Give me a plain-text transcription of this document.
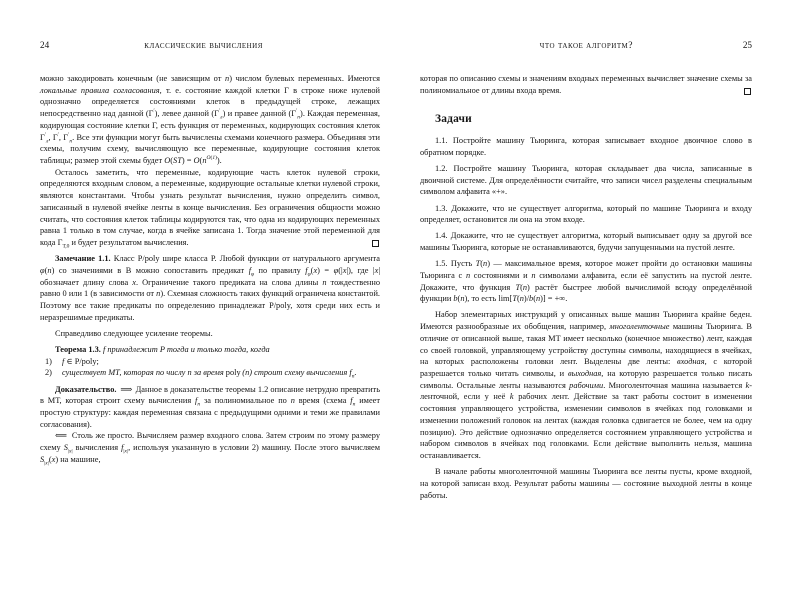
24	классические вычисления

можно закодировать конечным (не зависящим от n) числом булевых переменных. Имеются локальные правила согласования, т. е. состояние каждой клетки Г в строке ниже нулевой однозначно определяется состояниями клеток в предыдущей строке, лежащих непосредственно над данной (Г′), левее данной $(Г'_л)$ и правее данной $(Г'_п)$. Каждая переменная, кодирующая состояние клетки Г, есть функция от переменных, кодирующих состояния клеток $Г'_л$, Г′, $Г'_п$. Все эти функции могут быть вычислены схемами конечного размера. Объединяя эти схемы, получим схему, вычисляющую все переменные, кодирующие состояния клеток таблицы; размер этой схемы будет $O(ST) = O(n^{O(1)})$.

Осталось заметить, что переменные, кодирующие часть клеток нулевой строки, определяются входным словом, а переменные, кодирующие остальные клетки нулевой строки, являются константами. Чтобы узнать результат вычисления, нужно определить символ, записанный в нулевой ячейке ленты в конце вычисления. Без ограничения общности можно считать, что состояния клеток таблицы кодируются так, что одна из кодирующих переменных равна 1 только в том случае, когда в ячейке записана 1. Тогда значение этой переменной для кода $Г_{Т,0}$ и будет результатом вычисления.

Замечание 1.1. Класс P/poly шире класса P. Любой функции от натурального аргумента φ(n) со значениями в B можно сопоставить предикат $f_\varphi$ по правилу $f_\varphi(x) = \varphi(|x|)$, где |x| обозначает длину слова x. Ограничение такого предиката на слова длины n тождественно равно 0 или 1 (в зависимости от n). Схемная сложность таких функций ограничена константой. Поэтому все такие предикаты по определению принадлежат P/poly, хотя среди них есть и неразрешимые предикаты.

Справедливо следующее усиление теоремы.

Теорема 1.3. f принадлежит P тогда и только тогда, когда

1) f ∈ P/poly;
2) существует МТ, которая по числу n за время poly (n) строит схему вычисления $f_n$.

Доказательство.  ⟹  Данное в доказательстве теоремы 1.2 описание нетрудно превратить в МТ, которая строит схему вычисления $f_n$ за полиномиальное по n время (схема $f_n$ имеет простую структуру: каждая переменная связана с предыдущими одними и теми же правилами согласования).

⟸  Столь же просто. Вычисляем размер входного слова. Затем строим по этому размеру схему $S_{|x|}$ вычисления $f_{|x|}$, используя указанную в условии 2) машину. После этого вычисляем $S_{|x|}(x)$ на машине,

что такое алгоритм?	25

которая по описанию схемы и значениям входных переменных вычисляет значение схемы за полиномиальное от длины входа время.

Задачи

1.1. Постройте машину Тьюринга, которая записывает входное двоичное слово в обратном порядке.

1.2. Постройте машину Тьюринга, которая складывает два числа, записанные в двоичной системе. Для определённости считайте, что записи чисел разделены специальным символом алфавита «+».

1.3. Докажите, что не существует алгоритма, который по машине Тьюринга и входу определяет, остановится ли она на этом входе.

1.4. Докажите, что не существует алгоритма, который выписывает одну за другой все машины Тьюринга, которые не останавливаются, будучи запущенными на пустой ленте.

1.5. Пусть T(n) — максимальное время, которое может пройти до остановки машины Тьюринга с n состояниями и n символами алфавита, если её запустить на пустой ленте. Докажите, что функция T(n) растёт быстрее любой вычислимой всюду определённой функции b(n), то есть lim[T(n)/b(n)] = +∞.

Набор элементарных инструкций у описанных выше машин Тьюринга крайне беден. Имеются разнообразные их обобщения, например, многоленточные машины Тьюринга. В отличие от описанной выше, такая МТ имеет несколько (конечное множество) лент, каждая со своей головкой, управляющему устройству доступны символы, находящиеся в ячейках, на которых расположены головки лент. Выделены две ленты: входная, с которой разрешается только читать символы, и выходная, на которую разрешается только писать символы. Остальные ленты называются рабочими. Многоленточная машина называется k-ленточной, если у неё k рабочих лент. Действие за такт работы состоит в изменении состояния управляющего устройства, изменении символов в ячейках под головками и изменении положений головок на лентах (каждая головка сдвигается не более, чем на одну позицию). Это действие однозначно определяется состоянием управляющего устройства и набором символов в ячейках под головками. Если действие выполнить нельзя, машина останавливается.

В начале работы многоленточной машины Тьюринга все ленты пусты, кроме входной, на которой записан вход. Результат работы машины — состояние выходной ленты в конце работы.
